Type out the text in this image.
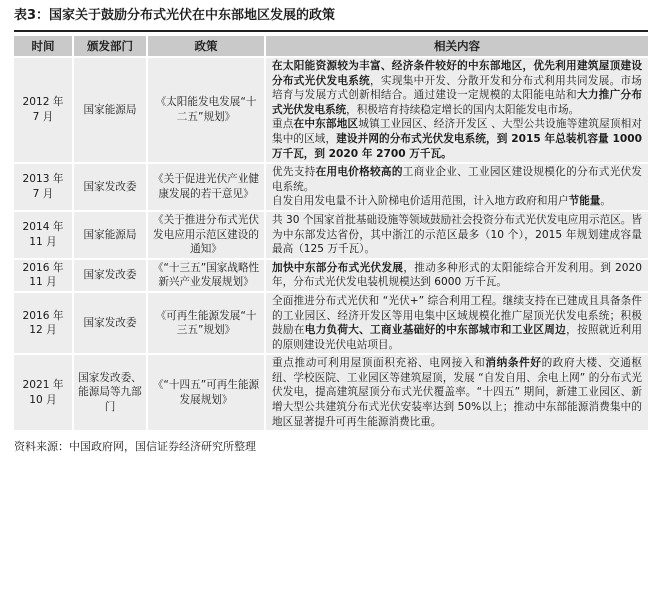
表3：国家关于鼓励分布式光伏在中东部地区发展的政策
时间	颁发部门	政策	相关内容
2012 年 7 月	国家能源局	《太阳能发电发展“十二五”规划》	在太阳能资源较为丰富、经济条件较好的中东部地区，优先利用建筑屋顶建设分布式光伏发电系统，实现集中开发、分散开发和分布式利用共同发展。市场培育与发展方式创新相结合。通过建设一定规模的太阳能电站和大力推广分布式光伏发电系统，积极培育持续稳定增长的国内太阳能发电市场。

重点在中东部地区城镇工业园区、经济开发区 、大型公共设施等建筑屋顶相对集中的区域，建设并网的分布式光伏发电系统，到 2015 年总装机容量 1000 万千瓦，到 2020 年 2700 万千瓦。

2013 年 7 月	国家发改委	《关于促进光伏产业健康发展的若干意见》	优先支持在用电价格较高的工商业企业、工业园区建设规模化的分布式光伏发电系统。

自发自用发电量不计入阶梯电价适用范围，计入地方政府和用户节能量。

2014 年 11 月	国家能源局	《关于推进分布式光伏发电应用示范区建设的通知》	共 30 个国家首批基础设施等领域鼓励社会投资分布式光伏发电应用示范区。皆为中东部发达省份，其中浙江的示范区最多（10 个），2015 年规划建成容量最高（125 万千瓦）。

2016 年 11 月	国家发改委	《“十三五”国家战略性新兴产业发展规划》	加快中东部分布式光伏发展，推动多种形式的太阳能综合开发利用。到 2020 年，分布式光伏发电装机规模达到 6000 万千瓦。

2016 年 12 月	国家发改委	《可再生能源发展“十三五”规划》	全面推进分布式光伏和 “光伏+” 综合利用工程。继续支持在已建成且具备条件的工业园区、经济开发区等用电集中区域规模化推广屋顶光伏发电系统；积极鼓励在电力负荷大、工商业基础好的中东部城市和工业区周边，按照就近利用的原则建设光伏电站项目。

2021 年 10 月	国家发改委、能源局等九部门	《“十四五”可再生能源发展规划》	重点推动可利用屋顶面积充裕、电网接入和消纳条件好的政府大楼、交通枢纽、学校医院、工业园区等建筑屋顶，发展 “自发自用、余电上网” 的分布式光伏发电，提高建筑屋顶分布式光伏覆盖率。“十四五” 期间，新建工业园区、新增大型公共建筑分布式光伏安装率达到 50%以上；推动中东部能源消费集中的地区显著提升可再生能源消费比重。

资料来源：中国政府网，国信证券经济研究所整理
